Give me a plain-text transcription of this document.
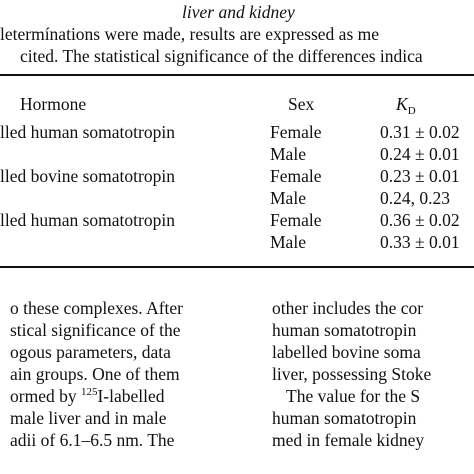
liver and kidney
letermínations were made, results are expressed as me
cited. The statistical significance of the differences indica
Hormone	Sex	$K_D$
lled human somatotropin	Female	0.31 ± 0.02
Male	0.24 ± 0.01
lled bovine somatotropin	Female	0.23 ± 0.01
Male	0.24, 0.23
lled human somatotropin	Female	0.36 ± 0.02
Male	0.33 ± 0.01
o these complexes. After
stical significance of the
ogous parameters, data
ain groups. One of them
ormed by $^{125}$I-labelled
male liver and in male
adii of 6.1–6.5 nm. The
other includes the cor
human somatotropin
labelled bovine soma
liver, possessing Stoke
The value for the S
human somatotropin
med in female kidney
